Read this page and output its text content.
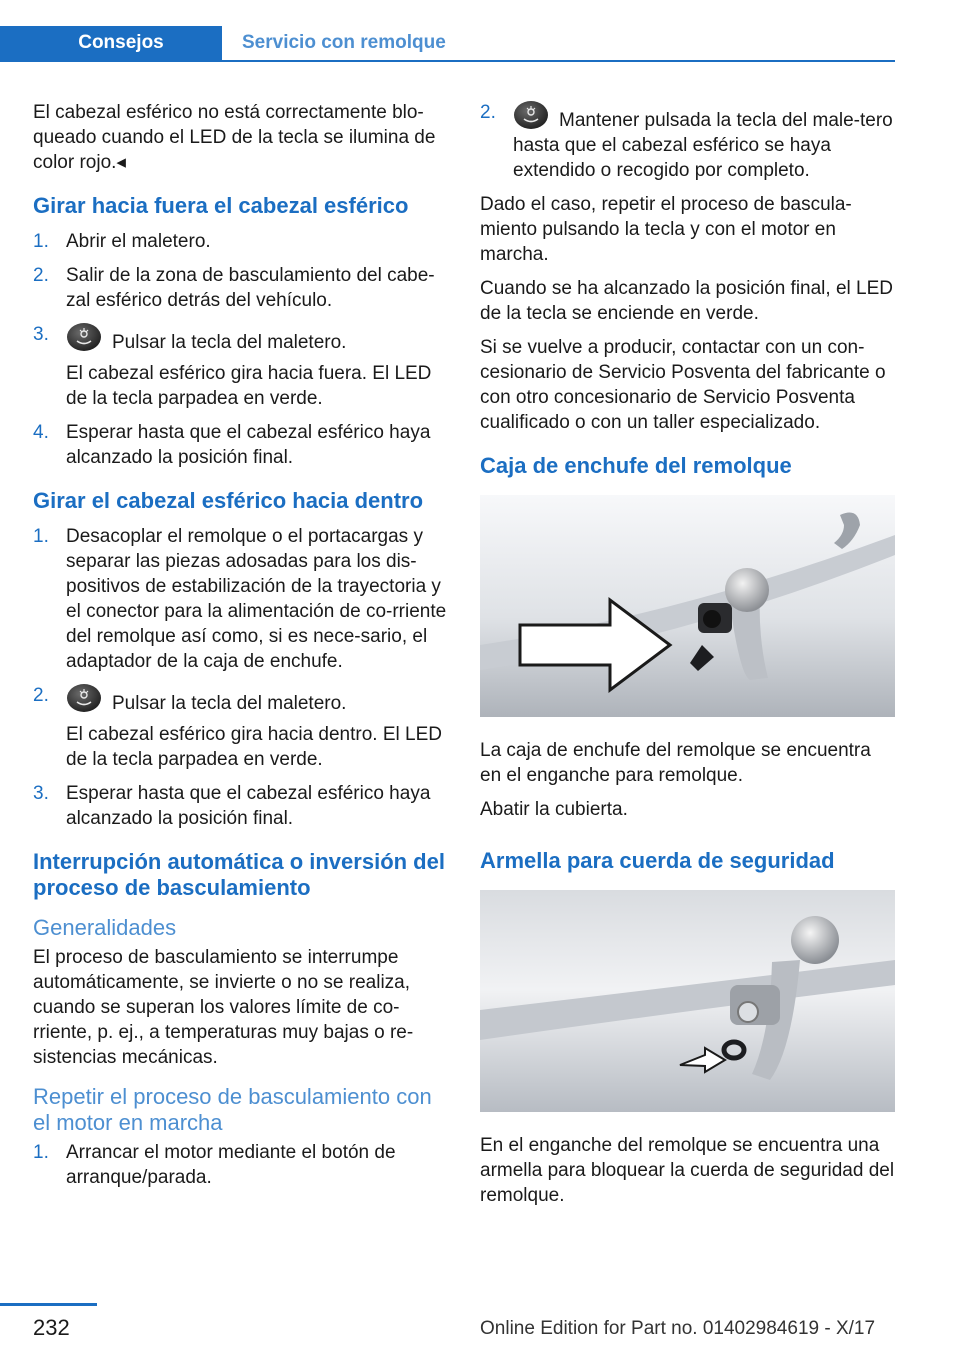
Consejos	Servicio con remolque

El cabezal esférico no está correctamente blo-queado cuando el LED de la tecla se ilumina de color rojo.◂

Girar hacia fuera el cabezal esférico
1. Abrir el maletero.
2. Salir de la zona de basculamiento del cabe-zal esférico detrás del vehículo.
3.	Pulsar la tecla del maletero.
El cabezal esférico gira hacia fuera. El LED de la tecla parpadea en verde.
4. Esperar hasta que el cabezal esférico haya alcanzado la posición final.
Girar el cabezal esférico hacia dentro
1. Desacoplar el remolque o el portacargas y separar las piezas adosadas para los dis-positivos de estabilización de la trayectoria y el conector para la alimentación de co-rriente del remolque así como, si es nece-sario, el adaptador de la caja de enchufe.
2.	Pulsar la tecla del maletero.
El cabezal esférico gira hacia dentro. El LED de la tecla parpadea en verde.
3. Esperar hasta que el cabezal esférico haya alcanzado la posición final.
Interrupción automática o inversión del proceso de basculamiento
Generalidades

El proceso de basculamiento se interrumpe automáticamente, se invierte o no se realiza, cuando se superan los valores límite de co-rriente, p. ej., a temperaturas muy bajas o re-sistencias mecánicas.

Repetir el proceso de basculamiento con el motor en marcha
1. Arrancar el motor mediante el botón de arranque/parada.
2.	Mantener pulsada la tecla del male-tero hasta que el cabezal esférico se haya extendido o recogido por completo.

Dado el caso, repetir el proceso de bascula-miento pulsando la tecla y con el motor en marcha.

Cuando se ha alcanzado la posición final, el LED de la tecla se enciende en verde.

Si se vuelve a producir, contactar con un con-cesionario de Servicio Posventa del fabricante o con otro concesionario de Servicio Posventa cualificado o con un taller especializado.

Caja de enchufe del remolque

La caja de enchufe del remolque se encuentra en el enganche para remolque.

Abatir la cubierta.

Armella para cuerda de seguridad

En el enganche del remolque se encuentra una armella para bloquear la cuerda de seguridad del remolque.

232	Online Edition for Part no. 01402984619 - X/17
